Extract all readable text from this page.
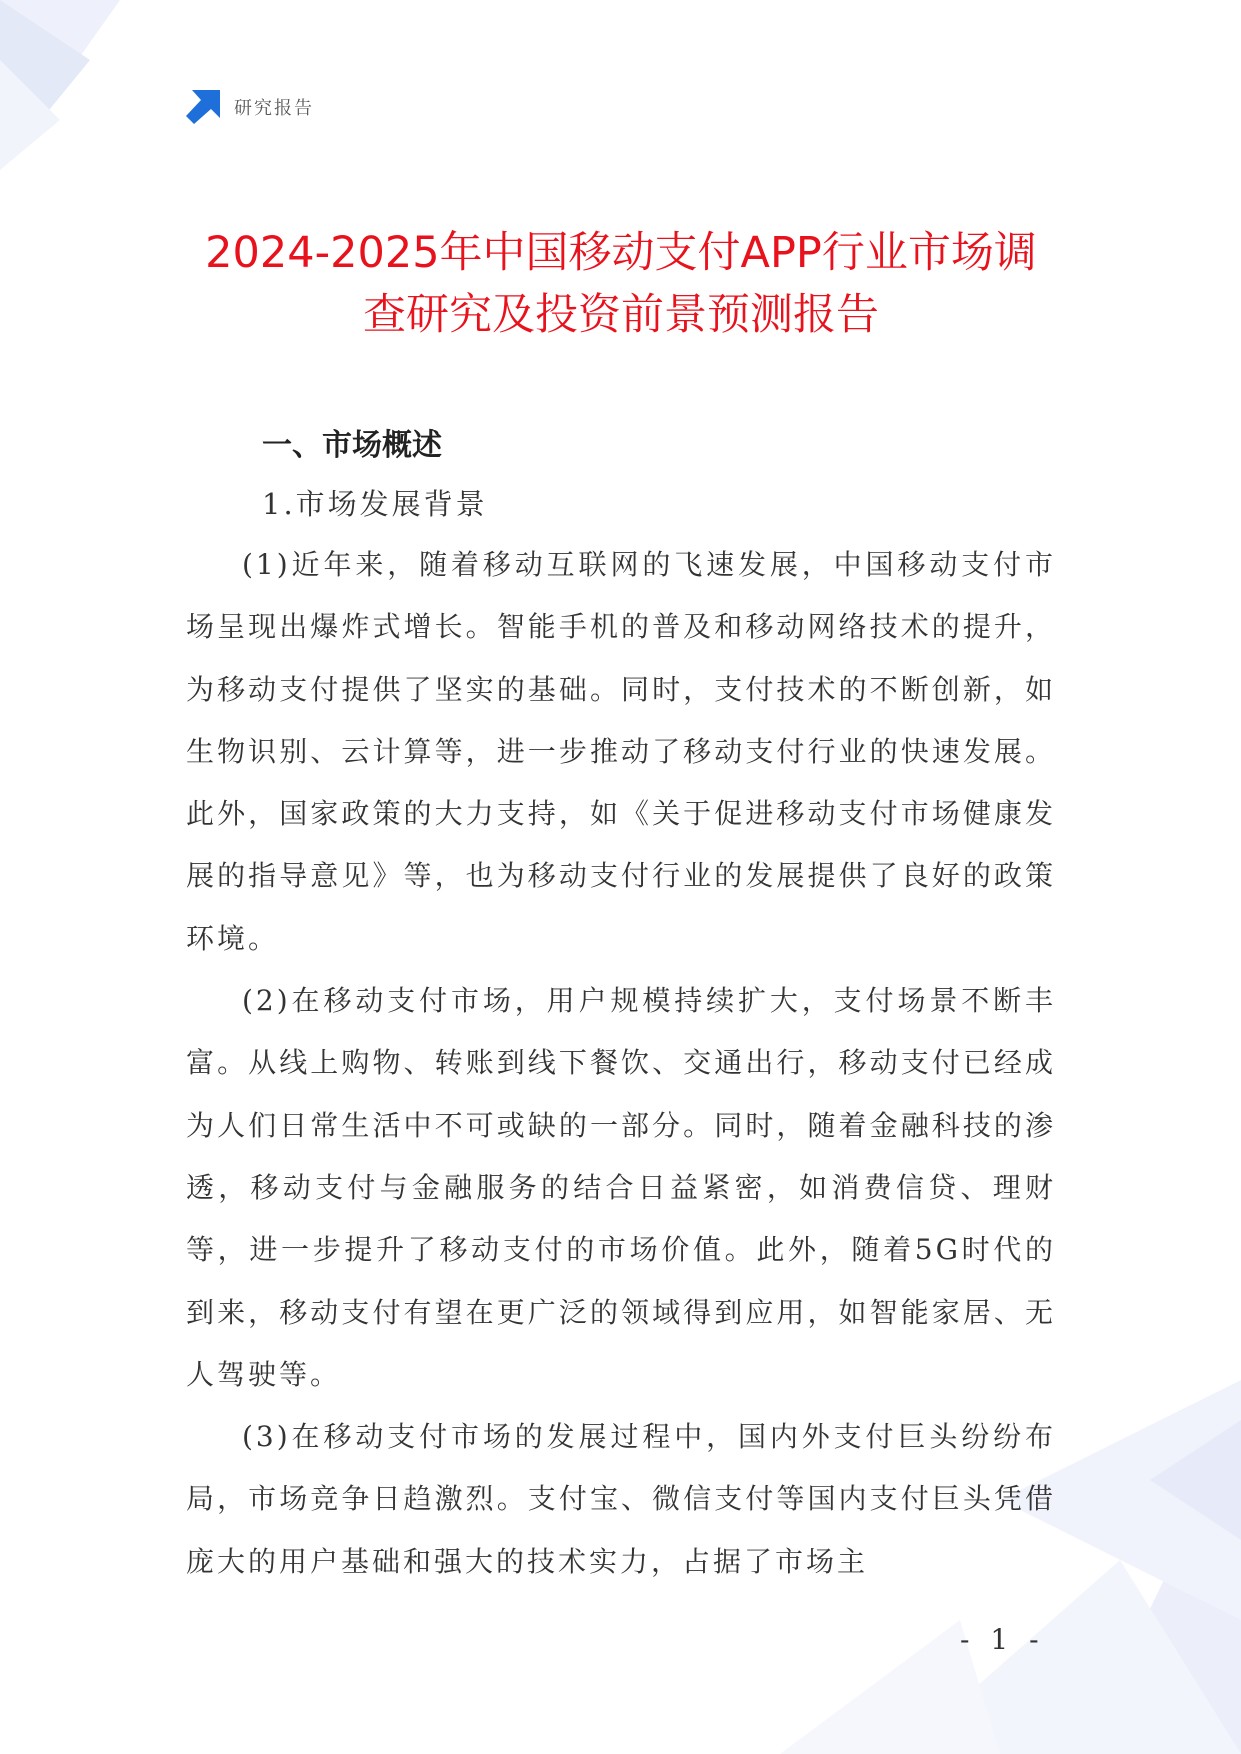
研究报告
2024-2025年中国移动支付APP行业市场调查研究及投资前景预测报告
一、市场概述
1.市场发展背景

(1)近年来，随着移动互联网的飞速发展，中国移动支付市场呈现出爆炸式增长。智能手机的普及和移动网络技术的提升，为移动支付提供了坚实的基础。同时，支付技术的不断创新，如生物识别、云计算等，进一步推动了移动支付行业的快速发展。此外，国家政策的大力支持，如《关于促进移动支付市场健康发展的指导意见》等，也为移动支付行业的发展提供了良好的政策环境。

(2)在移动支付市场，用户规模持续扩大，支付场景不断丰富。从线上购物、转账到线下餐饮、交通出行，移动支付已经成为人们日常生活中不可或缺的一部分。同时，随着金融科技的渗透，移动支付与金融服务的结合日益紧密，如消费信贷、理财等，进一步提升了移动支付的市场价值。此外，随着5G时代的到来，移动支付有望在更广泛的领域得到应用，如智能家居、无人驾驶等。

(3)在移动支付市场的发展过程中，国内外支付巨头纷纷布局，市场竞争日趋激烈。支付宝、微信支付等国内支付巨头凭借庞大的用户基础和强大的技术实力，占据了市场主

- 1 -
